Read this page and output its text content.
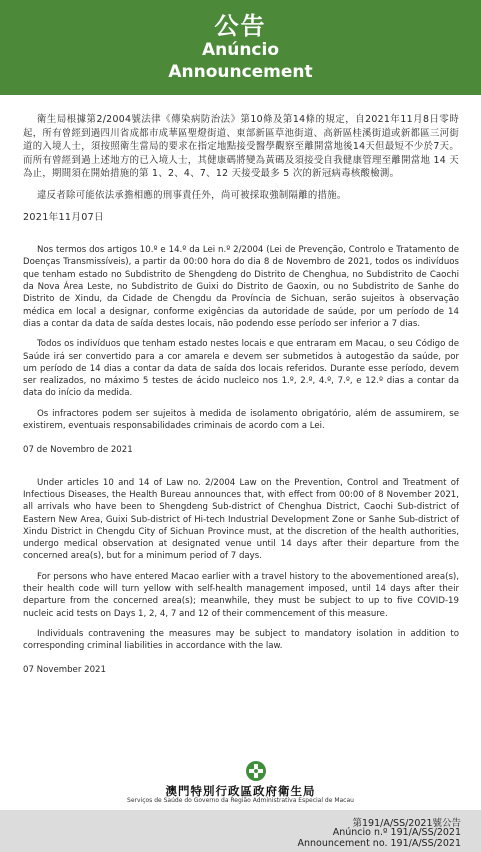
公告
Anúncio
Announcement

衛生局根據第2/2004號法律《傳染病防治法》第10條及第14條的規定，自2021年11月8日零時起，所有曾經到過四川省成都市成華區聖燈街道、東部新區草池街道、高新區桂溪街道或新都區三河街道的入境人士，須按照衛生當局的要求在指定地點接受醫學觀察至離開當地後14天但最短不少於7天。而所有曾經到過上述地方的已入境人士，其健康碼將變為黃碼及須接受自我健康管理至離開當地 14 天為止，期間須在開始措施的第 1、2、4、7、12 天接受最多 5 次的新冠病毒核酸檢測。

違反者除可能依法承擔相應的刑事責任外，尚可被採取強制隔離的措施。

2021年11月07日

Nos termos dos artigos 10.º e 14.º da Lei n.º 2/2004 (Lei de Prevenção, Controlo e Tratamento de Doenças Transmissíveis), a partir da 00:00 hora do dia 8 de Novembro de 2021, todos os indivíduos que tenham estado no Subdistrito de Shengdeng do Distrito de Chenghua, no Subdistrito de Caochi da Nova Área Leste, no Subdistrito de Guixi do Distrito de Gaoxin, ou no Subdistrito de Sanhe do Distrito de Xindu, da Cidade de Chengdu da Província de Sichuan, serão sujeitos à observação médica em local a designar, conforme exigências da autoridade de saúde, por um período de 14 dias a contar da data de saída destes locais, não podendo esse período ser inferior a 7 dias.

Todos os indivíduos que tenham estado nestes locais e que entraram em Macau, o seu Código de Saúde irá ser convertido para a cor amarela e devem ser submetidos à autogestão da saúde, por um período de 14 dias a contar da data de saída dos locais referidos. Durante esse período, devem ser realizados, no máximo 5 testes de ácido nucleico nos 1.º, 2.º, 4.º, 7.º, e 12.º dias a contar da data do início da medida.

Os infractores podem ser sujeitos à medida de isolamento obrigatório, além de assumirem, se existirem, eventuais responsabilidades criminais de acordo com a Lei.

07 de Novembro de 2021

Under articles 10 and 14 of Law no. 2/2004 Law on the Prevention, Control and Treatment of Infectious Diseases, the Health Bureau announces that, with effect from 00:00 of 8 November 2021, all arrivals who have been to Shengdeng Sub-district of Chenghua District, Caochi Sub-district of Eastern New Area, Guixi Sub-district of Hi-tech Industrial Development Zone or Sanhe Sub-district of Xindu District in Chengdu City of Sichuan Province must, at the discretion of the health authorities, undergo medical observation at designated venue until 14 days after their departure from the concerned area(s), but for a minimum period of 7 days.

For persons who have entered Macao earlier with a travel history to the abovementioned area(s), their health code will turn yellow with self-health management imposed, until 14 days after their departure from the concerned area(s); meanwhile, they must be subject to up to five COVID-19 nucleic acid tests on Days 1, 2, 4, 7 and 12 of their commencement of this measure.

Individuals contravening the measures may be subject to mandatory isolation in addition to corresponding criminal liabilities in accordance with the law.

07 November 2021

澳門特別行政區政府衛生局
Serviços de Saúde do Governo da Região Administrativa Especial de Macau
第191/A/SS/2021號公告
Anúncio n.º 191/A/SS/2021
Announcement no. 191/A/SS/2021
